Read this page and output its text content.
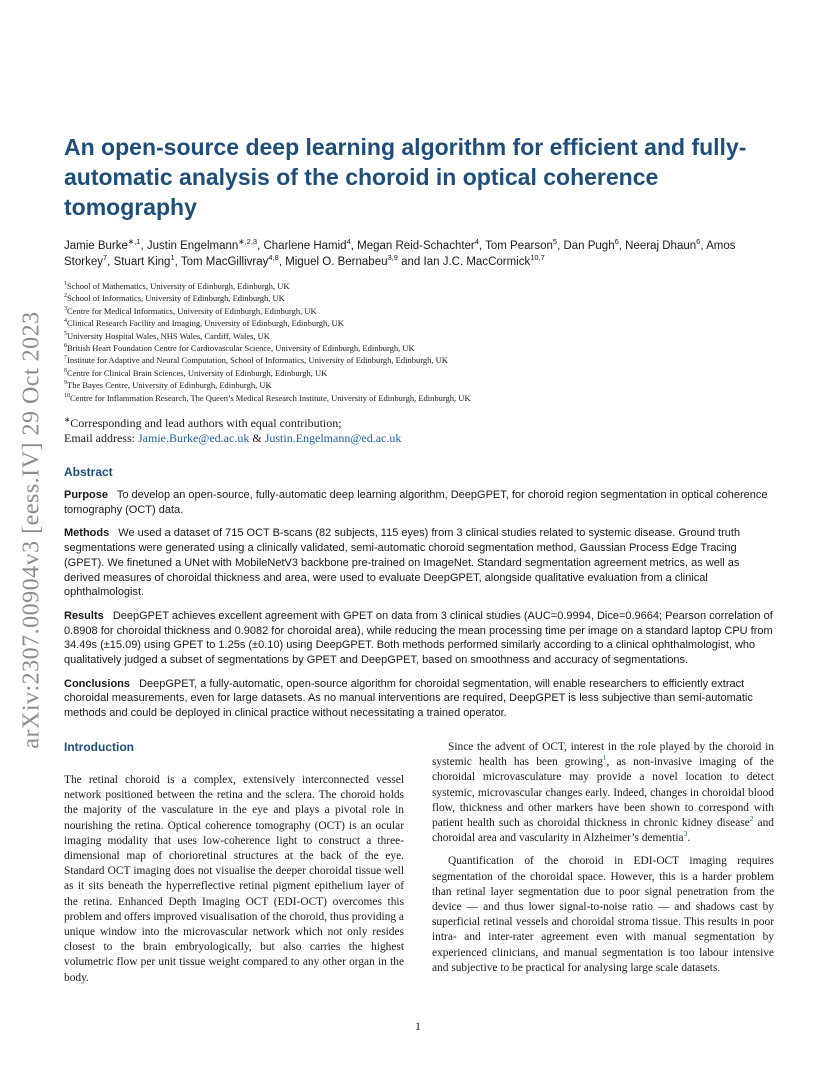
arXiv:2307.00904v3 [eess.IV] 29 Oct 2023
An open-source deep learning algorithm for efficient and fully-automatic analysis of the choroid in optical coherence tomography

Jamie Burke$^{∗,1}$, Justin Engelmann$^{∗,2,3}$, Charlene Hamid$^4$, Megan Reid-Schachter$^4$, Tom Pearson$^5$, Dan Pugh$^6$, Neeraj Dhaun$^6$, Amos Storkey$^7$, Stuart King$^1$, Tom MacGillivray$^{4,8}$, Miguel O. Bernabeu$^{3,9}$ and Ian J.C. MacCormick$^{10,7}$

$^1$School of Mathematics, University of Edinburgh, Edinburgh, UK
$^2$School of Informatics, University of Edinburgh, Edinburgh, UK
$^3$Centre for Medical Informatics, University of Edinburgh, Edinburgh, UK
$^4$Clinical Research Facility and Imaging, University of Edinburgh, Edinburgh, UK
$^5$University Hospital Wales, NHS Wales, Cardiff, Wales, UK
$^6$British Heart Foundation Centre for Cardiovascular Science, University of Edinburgh, Edinburgh, UK
$^7$Institute for Adaptive and Neural Computation, School of Informatics, University of Edinburgh, Edinburgh, UK
$^8$Centre for Clinical Brain Sciences, University of Edinburgh, Edinburgh, UK
$^9$The Bayes Centre, University of Edinburgh, Edinburgh, UK
$^{10}$Centre for Inflammation Research, The Queen’s Medical Research Institute, University of Edinburgh, Edinburgh, UK
∗Corresponding and lead authors with equal contribution;
Email address: Jamie.Burke@ed.ac.uk & Justin.Engelmann@ed.ac.uk
Abstract

Purpose To develop an open-source, fully-automatic deep learning algorithm, DeepGPET, for choroid region segmentation in optical coherence tomography (OCT) data.

Methods We used a dataset of 715 OCT B-scans (82 subjects, 115 eyes) from 3 clinical studies related to systemic disease. Ground truth segmentations were generated using a clinically validated, semi-automatic choroid segmentation method, Gaussian Process Edge Tracing (GPET). We finetuned a UNet with MobileNetV3 backbone pre-trained on ImageNet. Standard segmentation agreement metrics, as well as derived measures of choroidal thickness and area, were used to evaluate DeepGPET, alongside qualitative evaluation from a clinical ophthalmologist.

Results DeepGPET achieves excellent agreement with GPET on data from 3 clinical studies (AUC=0.9994, Dice=0.9664; Pearson correlation of 0.8908 for choroidal thickness and 0.9082 for choroidal area), while reducing the mean processing time per image on a standard laptop CPU from 34.49s (±15.09) using GPET to 1.25s (±0.10) using DeepGPET. Both methods performed similarly according to a clinical ophthalmologist, who qualitatively judged a subset of segmentations by GPET and DeepGPET, based on smoothness and accuracy of segmentations.

Conclusions DeepGPET, a fully-automatic, open-source algorithm for choroidal segmentation, will enable researchers to efficiently extract choroidal measurements, even for large datasets. As no manual interventions are required, DeepGPET is less subjective than semi-automatic methods and could be deployed in clinical practice without necessitating a trained operator.

Introduction

The retinal choroid is a complex, extensively interconnected vessel network positioned between the retina and the sclera. The choroid holds the majority of the vasculature in the eye and plays a pivotal role in nourishing the retina. Optical coherence tomography (OCT) is an ocular imaging modality that uses low-coherence light to construct a three-dimensional map of chorioretinal structures at the back of the eye. Standard OCT imaging does not visualise the deeper choroidal tissue well as it sits beneath the hyperreflective retinal pigment epithelium layer of the retina. Enhanced Depth Imaging OCT (EDI-OCT) overcomes this problem and offers improved visualisation of the choroid, thus providing a unique window into the microvascular network which not only resides closest to the brain embryologically, but also carries the highest volumetric flow per unit tissue weight compared to any other organ in the body.

Since the advent of OCT, interest in the role played by the choroid in systemic health has been growing$^1$, as non-invasive imaging of the choroidal microvasculature may provide a novel location to detect systemic, microvascular changes early. Indeed, changes in choroidal blood flow, thickness and other markers have been shown to correspond with patient health such as choroidal thickness in chronic kidney disease$^2$ and choroidal area and vascularity in Alzheimer’s dementia$^3$.

Quantification of the choroid in EDI-OCT imaging requires segmentation of the choroidal space. However, this is a harder problem than retinal layer segmentation due to poor signal penetration from the device — and thus lower signal-to-noise ratio — and shadows cast by superficial retinal vessels and choroidal stroma tissue. This results in poor intra- and inter-rater agreement even with manual segmentation by experienced clinicians, and manual segmentation is too labour intensive and subjective to be practical for analysing large scale datasets.

1
